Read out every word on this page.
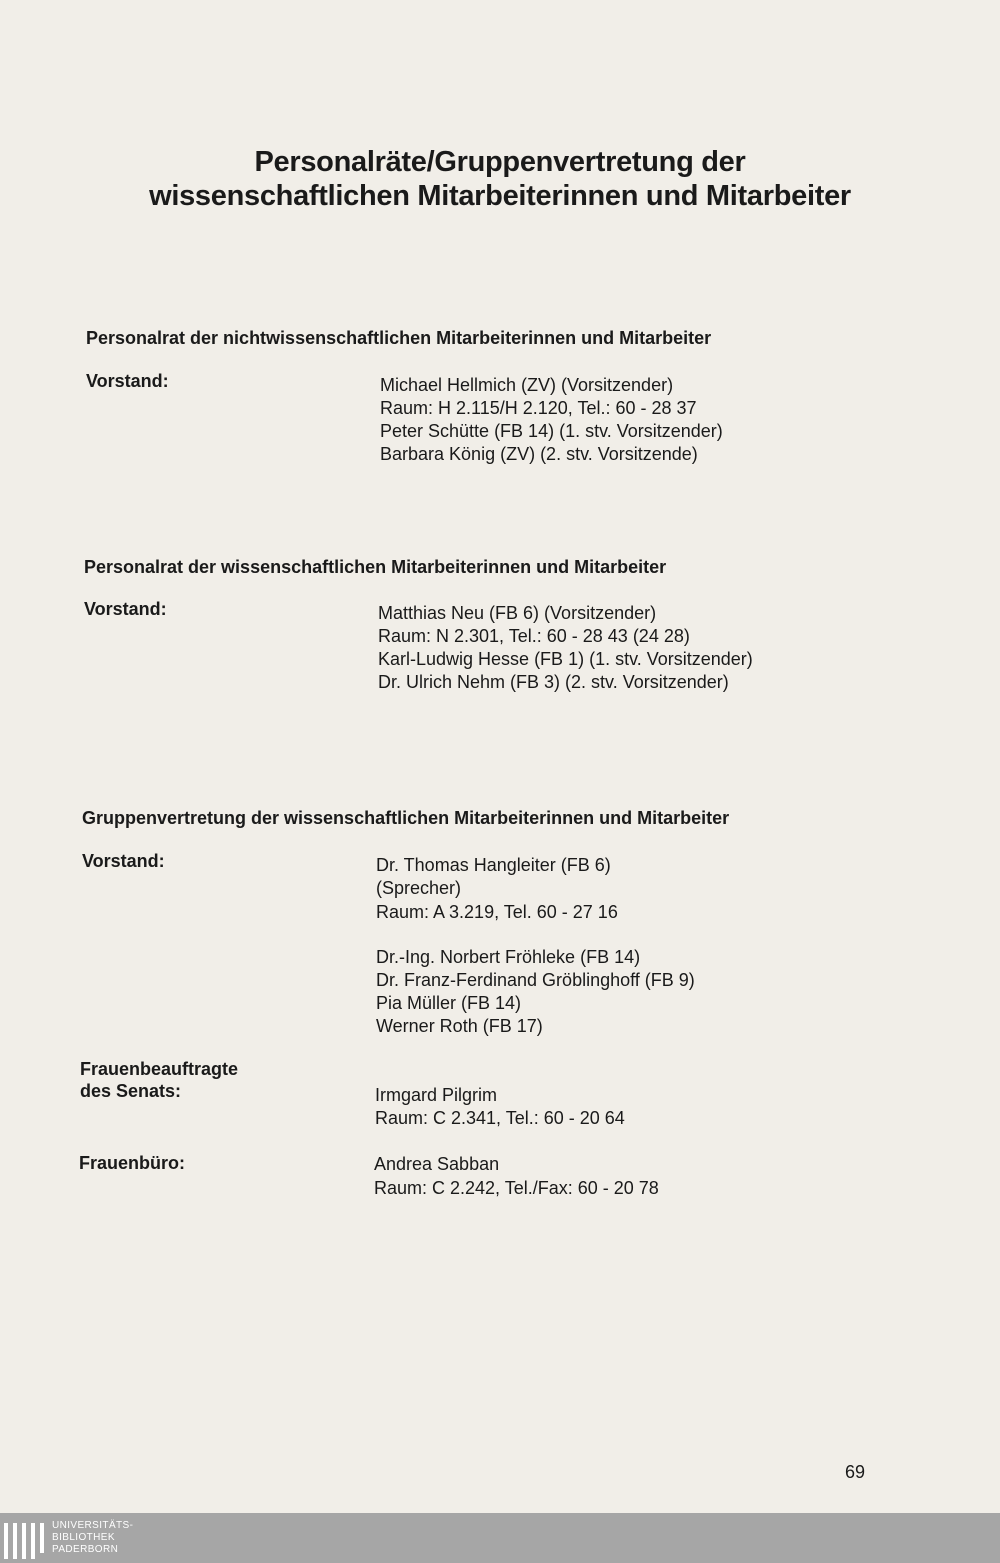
Personalräte/Gruppenvertretung der
wissenschaftlichen Mitarbeiterinnen und Mitarbeiter
Personalrat der nichtwissenschaftlichen Mitarbeiterinnen und Mitarbeiter
Vorstand:	Michael Hellmich (ZV) (Vorsitzender)
Raum: H 2.115/H 2.120, Tel.: 60 - 28 37
Peter Schütte (FB 14) (1. stv. Vorsitzender)
Barbara König (ZV) (2. stv. Vorsitzende)
Personalrat der wissenschaftlichen Mitarbeiterinnen und Mitarbeiter
Vorstand:	Matthias Neu (FB 6) (Vorsitzender)
Raum: N 2.301, Tel.: 60 - 28 43 (24 28)
Karl-Ludwig Hesse (FB 1) (1. stv. Vorsitzender)
Dr. Ulrich Nehm (FB 3) (2. stv. Vorsitzender)
Gruppenvertretung der wissenschaftlichen Mitarbeiterinnen und Mitarbeiter
Vorstand:	Dr. Thomas Hangleiter (FB 6)
(Sprecher)
Raum: A 3.219, Tel. 60 - 27 16
Dr.-Ing. Norbert Fröhleke (FB 14)
Dr. Franz-Ferdinand Gröblinghoff (FB 9)
Pia Müller (FB 14)
Werner Roth (FB 17)
Frauenbeauftragte
des Senats:	Irmgard Pilgrim
Raum: C 2.341, Tel.: 60 - 20 64
Frauenbüro:	Andrea Sabban
Raum: C 2.242, Tel./Fax: 60 - 20 78
69
UNIVERSITÄTS-
BIBLIOTHEK
PADERBORN
